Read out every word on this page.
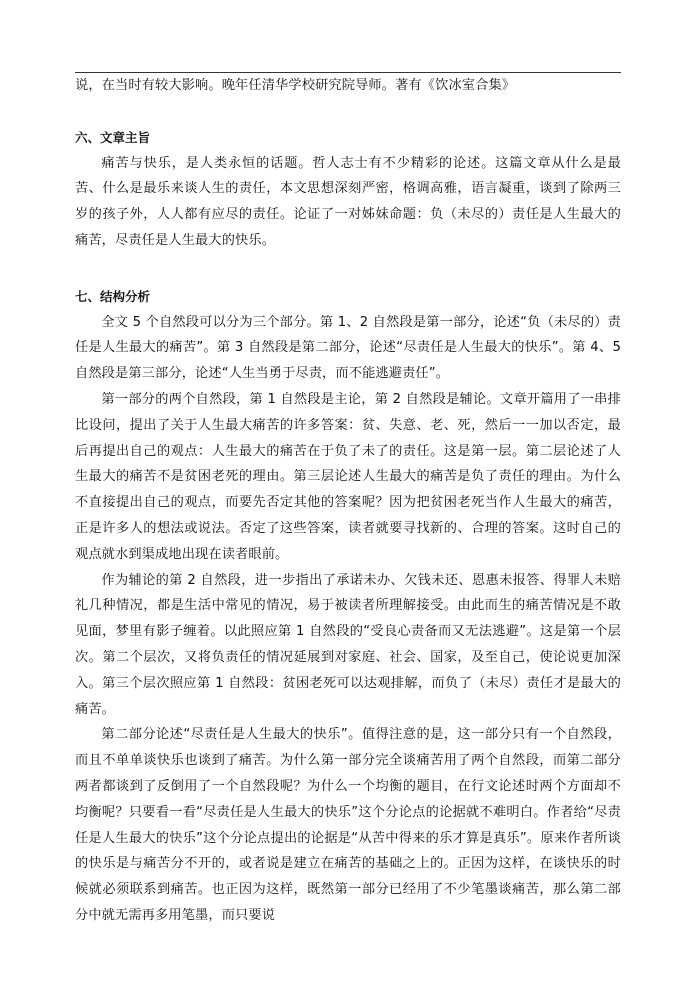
说，在当时有较大影响。晚年任清华学校研究院导师。著有《饮冰室合集》

六、文章主旨

痛苦与快乐，是人类永恒的话题。哲人志士有不少精彩的论述。这篇文章从什么是最苦、什么是最乐来谈人生的责任，本文思想深刻严密，格调高雅，语言凝重，谈到了除两三岁的孩子外，人人都有应尽的责任。论证了一对姊妹命题：负（未尽的）责任是人生最大的痛苦，尽责任是人生最大的快乐。

七、结构分析

全文 5 个自然段可以分为三个部分。第 1、2 自然段是第一部分，论述“负（未尽的）责任是人生最大的痛苦”。第 3 自然段是第二部分，论述“尽责任是人生最大的快乐”。第 4、5 自然段是第三部分，论述“人生当勇于尽责，而不能逃避责任”。

第一部分的两个自然段，第 1 自然段是主论，第 2 自然段是辅论。文章开篇用了一串排比设问，提出了关于人生最大痛苦的许多答案：贫、失意、老、死，然后一一加以否定，最后再提出自己的观点：人生最大的痛苦在于负了未了的责任。这是第一层。第二层论述了人生最大的痛苦不是贫困老死的理由。第三层论述人生最大的痛苦是负了责任的理由。为什么不直接提出自己的观点，而要先否定其他的答案呢？因为把贫困老死当作人生最大的痛苦，正是许多人的想法或说法。否定了这些答案，读者就要寻找新的、合理的答案。这时自己的观点就水到渠成地出现在读者眼前。

作为辅论的第 2 自然段，进一步指出了承诺未办、欠钱未还、恩惠未报答、得罪人未赔礼几种情况，都是生活中常见的情况，易于被读者所理解接受。由此而生的痛苦情况是不敢见面，梦里有影子缠着。以此照应第 1 自然段的“受良心责备而又无法逃避”。这是第一个层次。第二个层次，又将负责任的情况延展到对家庭、社会、国家，及至自己，使论说更加深入。第三个层次照应第 1 自然段：贫困老死可以达观排解，而负了（未尽）责任才是最大的痛苦。

第二部分论述“尽责任是人生最大的快乐”。值得注意的是，这一部分只有一个自然段，而且不单单谈快乐也谈到了痛苦。为什么第一部分完全谈痛苦用了两个自然段，而第二部分两者都谈到了反倒用了一个自然段呢？为什么一个均衡的题目，在行文论述时两个方面却不均衡呢？只要看一看“尽责任是人生最大的快乐”这个分论点的论据就不难明白。作者给“尽责任是人生最大的快乐”这个分论点提出的论据是“从苦中得来的乐才算是真乐”。原来作者所谈的快乐是与痛苦分不开的，或者说是建立在痛苦的基础之上的。正因为这样，在谈快乐的时候就必须联系到痛苦。也正因为这样，既然第一部分已经用了不少笔墨谈痛苦，那么第二部分中就无需再多用笔墨，而只要说
